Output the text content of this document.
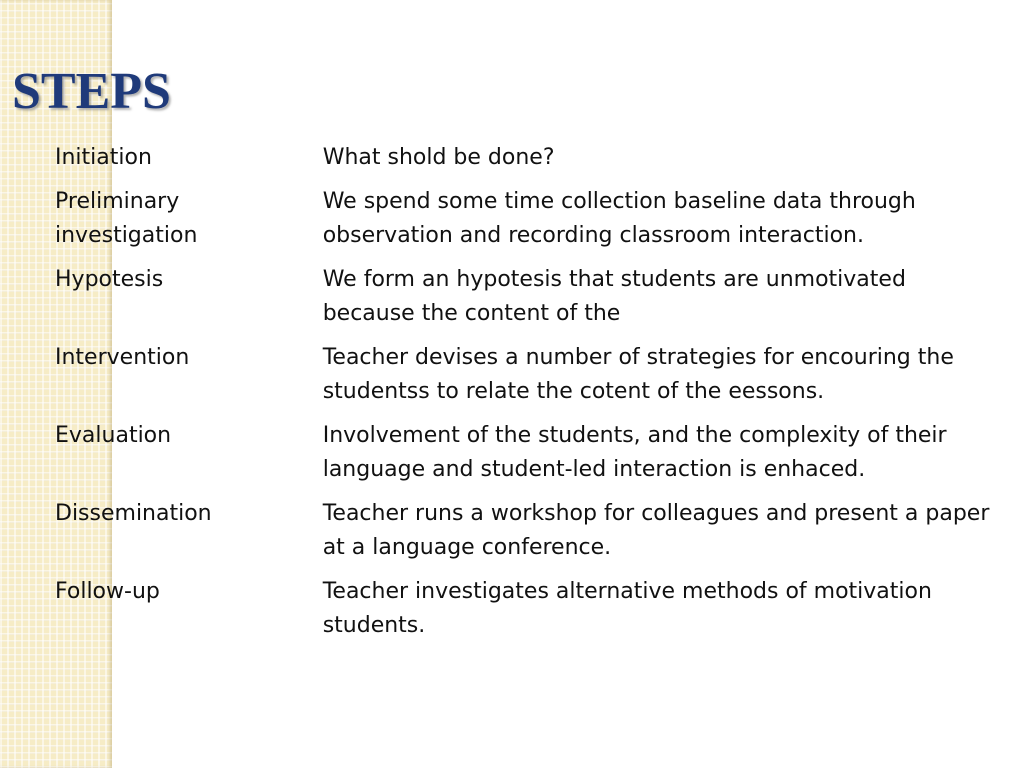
STEPS
Initiation	What shold be done?
Preliminary investigation	We spend some time collection baseline data through observation and recording classroom interaction.
Hypotesis	We form an hypotesis that students are unmotivated because the content of the
Intervention	Teacher devises a number of strategies for encouring the studentss to relate the cotent of the eessons.
Evaluation	Involvement of the students, and the complexity of their language and student-led interaction is enhaced.
Dissemination	Teacher runs a workshop for colleagues and present a paper at a language conference.
Follow-up	Teacher investigates alternative methods of motivation students.
